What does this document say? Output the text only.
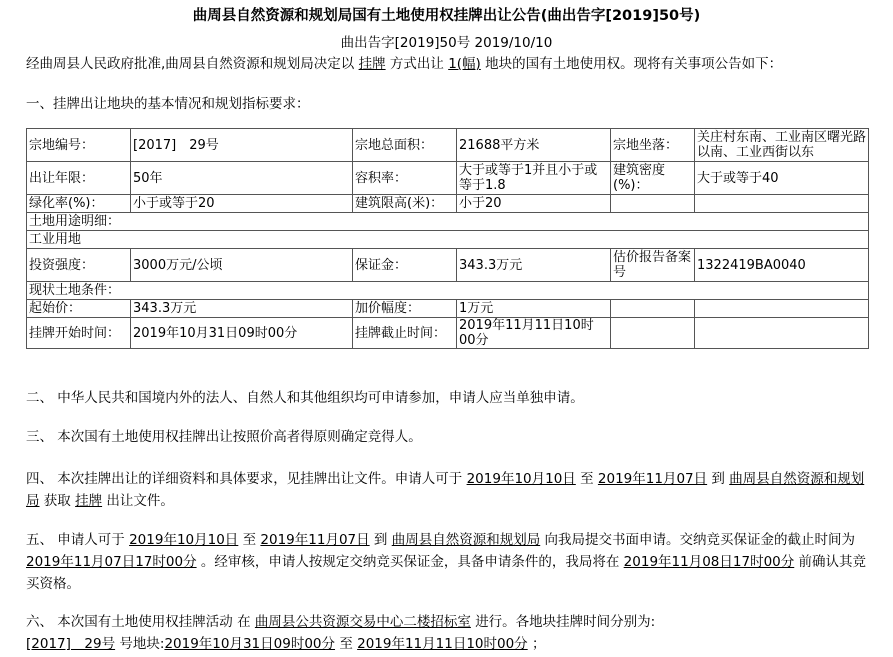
曲周县自然资源和规划局国有土地使用权挂牌出让公告(曲出告字[2019]50号)
曲出告字[2019]50号 2019/10/10
经曲周县人民政府批准,曲周县自然资源和规划局决定以 挂牌 方式出让 1(幅) 地块的国有土地使用权。现将有关事项公告如下：
一、挂牌出让地块的基本情况和规划指标要求：
宗地编号：	[2017]　29号	宗地总面积：	21688平方米	宗地坐落：	关庄村东南、工业南区曙光路以南、工业西街以东
出让年限：	50年	容积率：	大于或等于1并且小于或等于1.8	建筑密度(%)：	大于或等于40
绿化率(%)：	小于或等于20	建筑限高(米)：	小于20		
土地用途明细：					
工业用地					
投资强度：	3000万元/公顷	保证金：	343.3万元	估价报告备案号	1322419BA0040
现状土地条件：					
起始价：	343.3万元	加价幅度：	1万元		
挂牌开始时间：	2019年10月31日09时00分	挂牌截止时间：	2019年11月11日10时00分		
二、 中华人民共和国境内外的法人、自然人和其他组织均可申请参加，申请人应当单独申请。
三、 本次国有土地使用权挂牌出让按照价高者得原则确定竞得人。
四、 本次挂牌出让的详细资料和具体要求，见挂牌出让文件。申请人可于 2019年10月10日 至 2019年11月07日 到 曲周县自然资源和规划局 获取 挂牌 出让文件。
五、 申请人可于 2019年10月10日 至 2019年11月07日 到 曲周县自然资源和规划局 向我局提交书面申请。交纳竞买保证金的截止时间为 2019年11月07日17时00分 。经审核，申请人按规定交纳竞买保证金，具备申请条件的，我局将在 2019年11月08日17时00分 前确认其竞买资格。
六、 本次国有土地使用权挂牌活动 在 曲周县公共资源交易中心二楼招标室 进行。各地块挂牌时间分别为:
[2017]　29号 号地块:2019年10月31日09时00分 至 2019年11月11日10时00分 ；
